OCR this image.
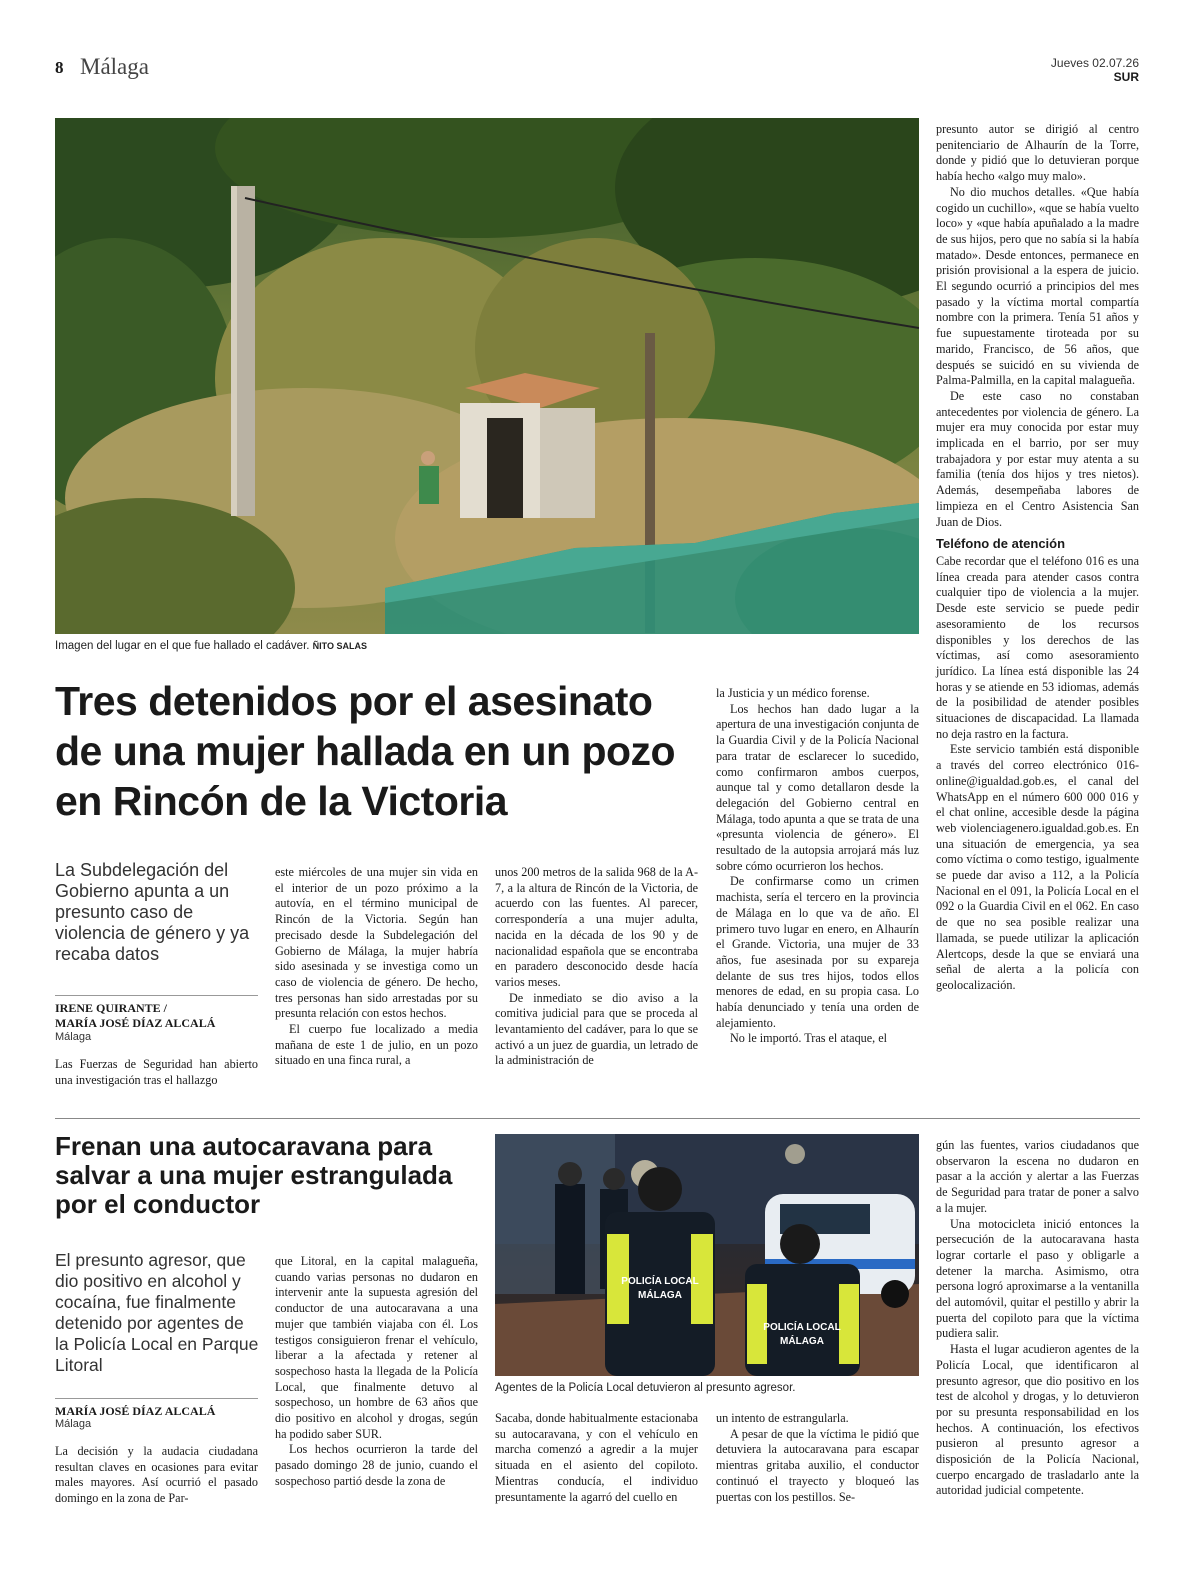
8 Málaga	Jueves 02.07.26
SUR
Imagen del lugar en el que fue hallado el cadáver. ÑITO SALAS
Tres detenidos por el asesinato de una mujer hallada en un pozo en Rincón de la Victoria
La Subdelegación del Gobierno apunta a un presunto caso de violencia de género y ya recaba datos
IRENE QUIRANTE /
MARÍA JOSÉ DÍAZ ALCALÁ
Málaga

Las Fuerzas de Seguridad han abierto una investigación tras el hallazgo

este miércoles de una mujer sin vida en el interior de un pozo próximo a la autovía, en el término municipal de Rincón de la Victoria. Según han precisado desde la Subdelegación del Gobierno de Málaga, la mujer habría sido asesinada y se investiga como un caso de violencia de género. De hecho, tres personas han sido arrestadas por su presunta relación con estos hechos.

El cuerpo fue localizado a media mañana de este 1 de julio, en un pozo situado en una finca rural, a

unos 200 metros de la salida 968 de la A-7, a la altura de Rincón de la Victoria, de acuerdo con las fuentes. Al parecer, correspondería a una mujer adulta, nacida en la década de los 90 y de nacionalidad española que se encontraba en paradero desconocido desde hacía varios meses.

De inmediato se dio aviso a la comitiva judicial para que se proceda al levantamiento del cadáver, para lo que se activó a un juez de guardia, un letrado de la administración de

la Justicia y un médico forense.

Los hechos han dado lugar a la apertura de una investigación conjunta de la Guardia Civil y de la Policía Nacional para tratar de esclarecer lo sucedido, como confirmaron ambos cuerpos, aunque tal y como detallaron desde la delegación del Gobierno central en Málaga, todo apunta a que se trata de una «presunta violencia de género». El resultado de la autopsia arrojará más luz sobre cómo ocurrieron los hechos.

De confirmarse como un crimen machista, sería el tercero en la provincia de Málaga en lo que va de año. El primero tuvo lugar en enero, en Alhaurín el Grande. Victoria, una mujer de 33 años, fue asesinada por su expareja delante de sus tres hijos, todos ellos menores de edad, en su propia casa. Lo había denunciado y tenía una orden de alejamiento.

No le importó. Tras el ataque, el

presunto autor se dirigió al centro penitenciario de Alhaurín de la Torre, donde y pidió que lo detuvieran porque había hecho «algo muy malo».

No dio muchos detalles. «Que había cogido un cuchillo», «que se había vuelto loco» y «que había apuñalado a la madre de sus hijos, pero que no sabía si la había matado». Desde entonces, permanece en prisión provisional a la espera de juicio. El segundo ocurrió a principios del mes pasado y la víctima mortal compartía nombre con la primera. Tenía 51 años y fue supuestamente tiroteada por su marido, Francisco, de 56 años, que después se suicidó en su vivienda de Palma-Palmilla, en la capital malagueña.

De este caso no constaban antecedentes por violencia de género. La mujer era muy conocida por estar muy implicada en el barrio, por ser muy trabajadora y por estar muy atenta a su familia (tenía dos hijos y tres nietos). Además, desempeñaba labores de limpieza en el Centro Asistencia San Juan de Dios.

Teléfono de atención

Cabe recordar que el teléfono 016 es una línea creada para atender casos contra cualquier tipo de violencia a la mujer. Desde este servicio se puede pedir asesoramiento de los recursos disponibles y los derechos de las víctimas, así como asesoramiento jurídico. La línea está disponible las 24 horas y se atiende en 53 idiomas, además de la posibilidad de atender posibles situaciones de discapacidad. La llamada no deja rastro en la factura.

Este servicio también está disponible a través del correo electrónico 016-online@igualdad.gob.es, el canal del WhatsApp en el número 600 000 016 y el chat online, accesible desde la página web violenciagenero.igualdad.gob.es. En una situación de emergencia, ya sea como víctima o como testigo, igualmente se puede dar aviso a 112, a la Policía Nacional en el 091, la Policía Local en el 092 o la Guardia Civil en el 062. En caso de que no sea posible realizar una llamada, se puede utilizar la aplicación Alertcops, desde la que se enviará una señal de alerta a la policía con geolocalización.

Frenan una autocaravana para salvar a una mujer estrangulada por el conductor
El presunto agresor, que dio positivo en alcohol y cocaína, fue finalmente detenido por agentes de la Policía Local en Parque Litoral
MARÍA JOSÉ DÍAZ ALCALÁ
Málaga

La decisión y la audacia ciudadana resultan claves en ocasiones para evitar males mayores. Así ocurrió el pasado domingo en la zona de Par-

que Litoral, en la capital malagueña, cuando varias personas no dudaron en intervenir ante la supuesta agresión del conductor de una autocaravana a una mujer que también viajaba con él. Los testigos consiguieron frenar el vehículo, liberar a la afectada y retener al sospechoso hasta la llegada de la Policía Local, que finalmente detuvo al sospechoso, un hombre de 63 años que dio positivo en alcohol y drogas, según ha podido saber SUR.

Los hechos ocurrieron la tarde del pasado domingo 28 de junio, cuando el sospechoso partió desde la zona de

POLICÍA LOCAL
MÁLAGA
POLICÍA LOCAL
MÁLAGA
Agentes de la Policía Local detuvieron al presunto agresor.

Sacaba, donde habitualmente estacionaba su autocaravana, y con el vehículo en marcha comenzó a agredir a la mujer situada en el asiento del copiloto. Mientras conducía, el individuo presuntamente la agarró del cuello en

un intento de estrangularla.

A pesar de que la víctima le pidió que detuviera la autocaravana para escapar mientras gritaba auxilio, el conductor continuó el trayecto y bloqueó las puertas con los pestillos. Se-

gún las fuentes, varios ciudadanos que observaron la escena no dudaron en pasar a la acción y alertar a las Fuerzas de Seguridad para tratar de poner a salvo a la mujer.

Una motocicleta inició entonces la persecución de la autocaravana hasta lograr cortarle el paso y obligarle a detener la marcha. Asimismo, otra persona logró aproximarse a la ventanilla del automóvil, quitar el pestillo y abrir la puerta del copiloto para que la víctima pudiera salir.

Hasta el lugar acudieron agentes de la Policía Local, que identificaron al presunto agresor, que dio positivo en los test de alcohol y drogas, y lo detuvieron por su presunta responsabilidad en los hechos. A continuación, los efectivos pusieron al presunto agresor a disposición de la Policía Nacional, cuerpo encargado de trasladarlo ante la autoridad judicial competente.
